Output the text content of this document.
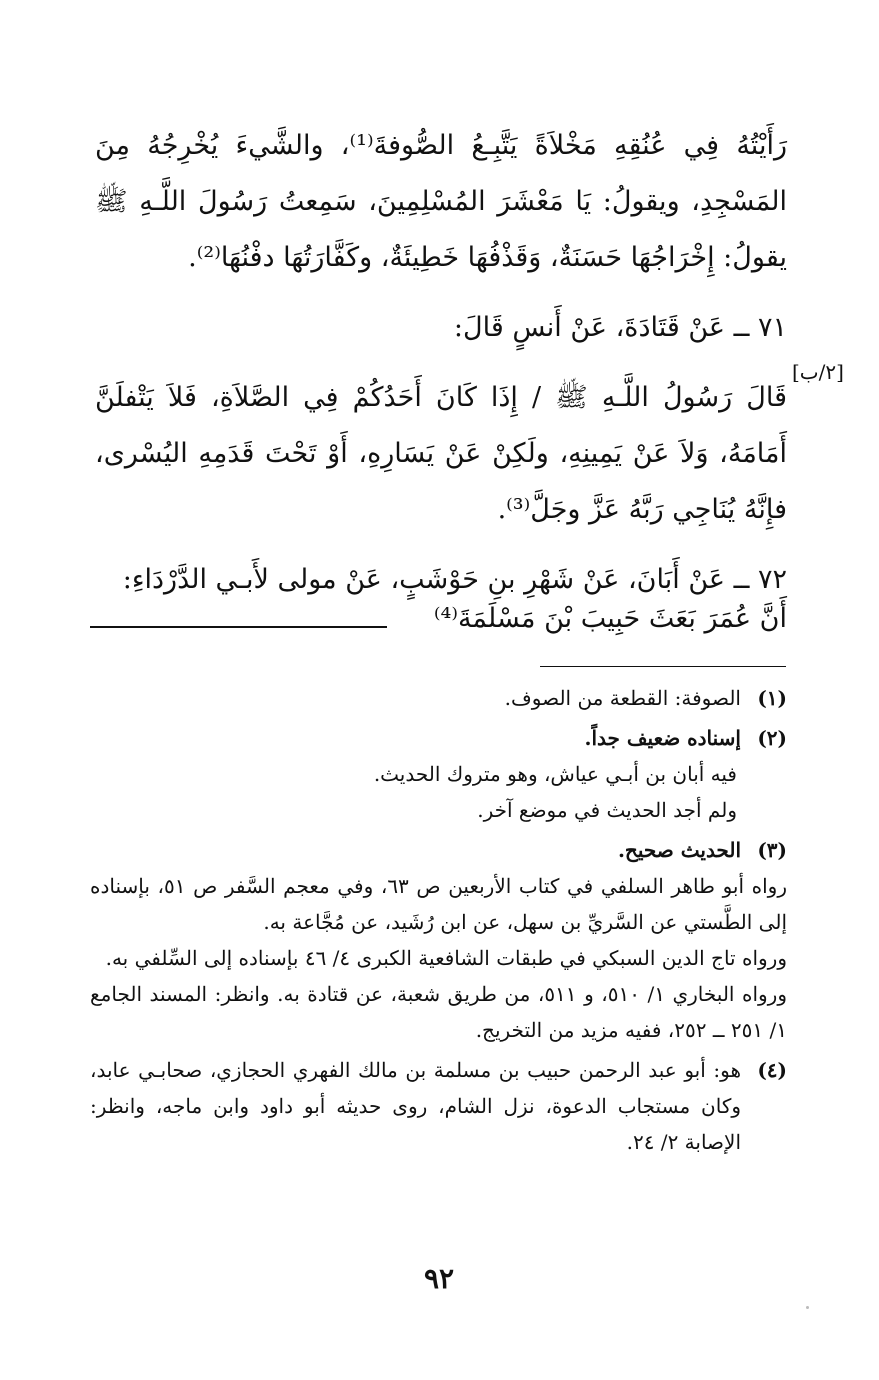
رَأَيْتُهُ فِي عُنُقِهِ مَخْلاَةً يَتَّبِـعُ الصُّوفةَ⁽¹⁾، والشَّيءَ يُخْرِجُهُ مِنَ المَسْجِدِ، ويقولُ: يَا مَعْشَرَ المُسْلِمِينَ، سَمِعتُ رَسُولَ اللَّـهِ ﷺ يقولُ: إِخْرَاجُهَا حَسَنَةٌ، وَقَذْفُهَا خَطِيئَةٌ، وكَفَّارَتُهَا دفْنُهَا⁽²⁾.

٧١ ــ عَنْ قَتَادَةَ، عَنْ أَنسٍ قَالَ:

قَالَ رَسُولُ اللَّـهِ ﷺ / إِذَا كَانَ أَحَدُكُمْ فِي الصَّلاَةِ، فَلاَ يَتْفلَنَّ أَمَامَهُ، وَلاَ عَنْ يَمِينِهِ، ولَكِنْ عَنْ يَسَارِهِ، أَوْ تَحْتَ قَدَمِهِ اليُسْرى، فإِنَّهُ يُنَاجِي رَبَّهُ عَزَّ وجَلَّ⁽³⁾.

٧٢ ــ عَنْ أَبَانَ، عَنْ شَهْرِ بنِ حَوْشَبٍ، عَنْ مولى لأَبـي الدَّرْدَاءِ:

[٢/ب]
أَنَّ عُمَرَ بَعَثَ حَبِيبَ بْنَ مَسْلَمَةَ⁽⁴⁾
(١)
الصوفة: القطعة من الصوف.
(٢)
إسناده ضعيف جداً.
فيه أبان بن أبـي عياش، وهو متروك الحديث.
ولم أجد الحديث في موضع آخر.
(٣)
الحديث صحيح.
رواه أبو طاهر السلفي في كتاب الأربعين ص ٦٣، وفي معجم السَّفر ص ٥١، بإسناده إلى الطَّستي عن السَّريِّ بن سهل، عن ابن رُشَيد، عن مُجَّاعة به.
ورواه تاج الدين السبكي في طبقات الشافعية الكبرى ٤/ ٤٦ بإسناده إلى السِّلفي به.
ورواه البخاري ١/ ٥١٠، و ٥١١، من طريق شعبة، عن قتادة به. وانظر: المسند الجامع ١/ ٢٥١ ــ ٢٥٢، ففيه مزيد من التخريج.
(٤)
هو: أبو عبد الرحمن حبيب بن مسلمة بن مالك الفهري الحجازي، صحابـي عابد، وكان مستجاب الدعوة، نزل الشام، روى حديثه أبو داود وابن ماجه، وانظر: الإصابة ٢/ ٢٤.
٩٢
